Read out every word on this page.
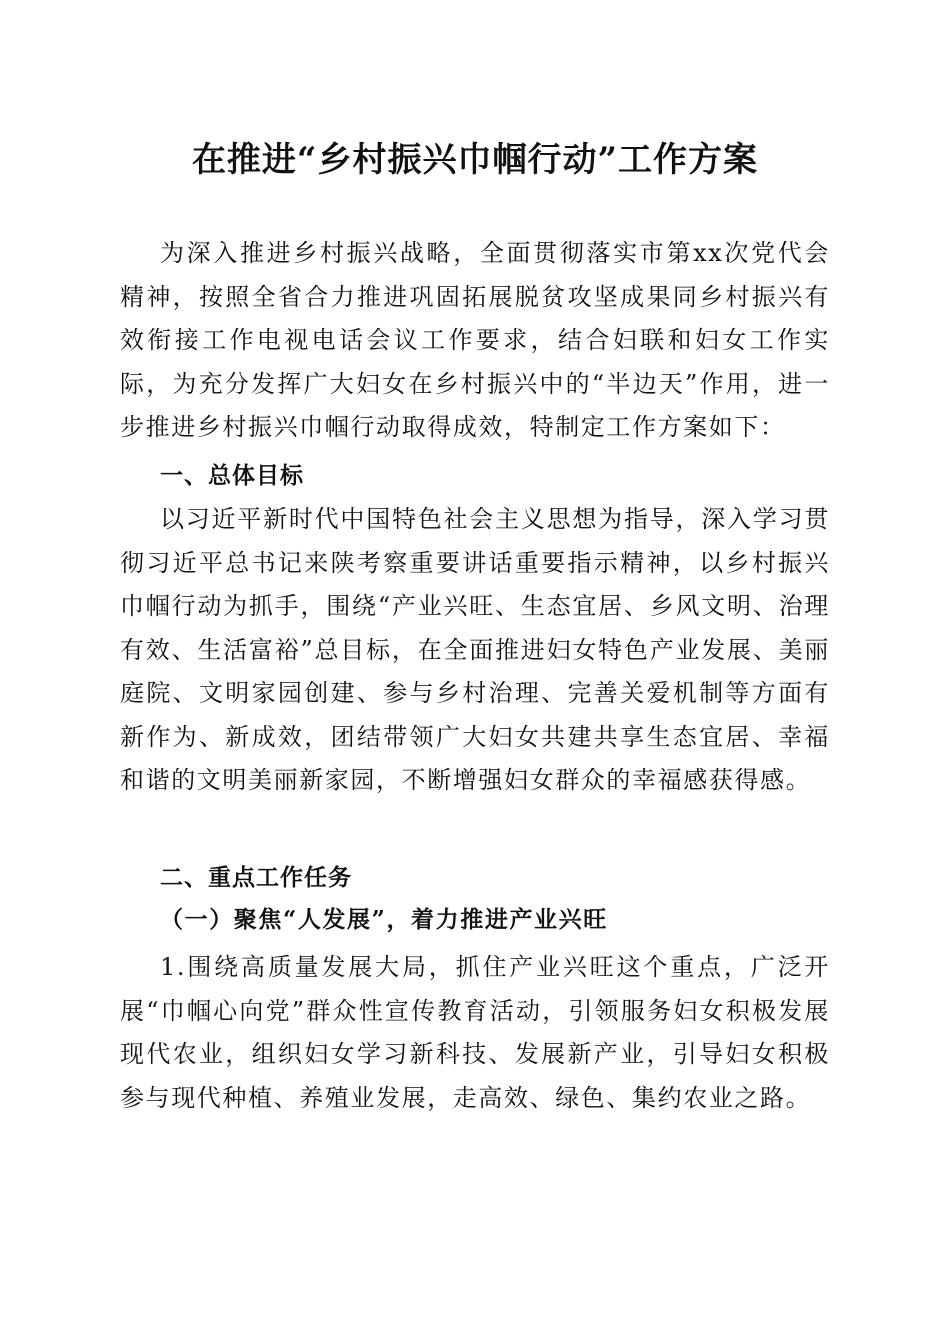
在推进“乡村振兴巾帼行动”工作方案

为深入推进乡村振兴战略，全面贯彻落实市第xx次党代会精神，按照全省合力推进巩固拓展脱贫攻坚成果同乡村振兴有效衔接工作电视电话会议工作要求，结合妇联和妇女工作实际，为充分发挥广大妇女在乡村振兴中的“半边天”作用，进一步推进乡村振兴巾帼行动取得成效，特制定工作方案如下：

一、总体目标

以习近平新时代中国特色社会主义思想为指导，深入学习贯彻习近平总书记来陕考察重要讲话重要指示精神，以乡村振兴巾帼行动为抓手，围绕“产业兴旺、生态宜居、乡风文明、治理有效、生活富裕”总目标，在全面推进妇女特色产业发展、美丽庭院、文明家园创建、参与乡村治理、完善关爱机制等方面有新作为、新成效，团结带领广大妇女共建共享生态宜居、幸福和谐的文明美丽新家园，不断增强妇女群众的幸福感获得感。

二、重点工作任务
（一）聚焦“人发展”，着力推进产业兴旺

1.围绕高质量发展大局，抓住产业兴旺这个重点，广泛开展“巾帼心向党”群众性宣传教育活动，引领服务妇女积极发展现代农业，组织妇女学习新科技、发展新产业，引导妇女积极参与现代种植、养殖业发展，走高效、绿色、集约农业之路。
